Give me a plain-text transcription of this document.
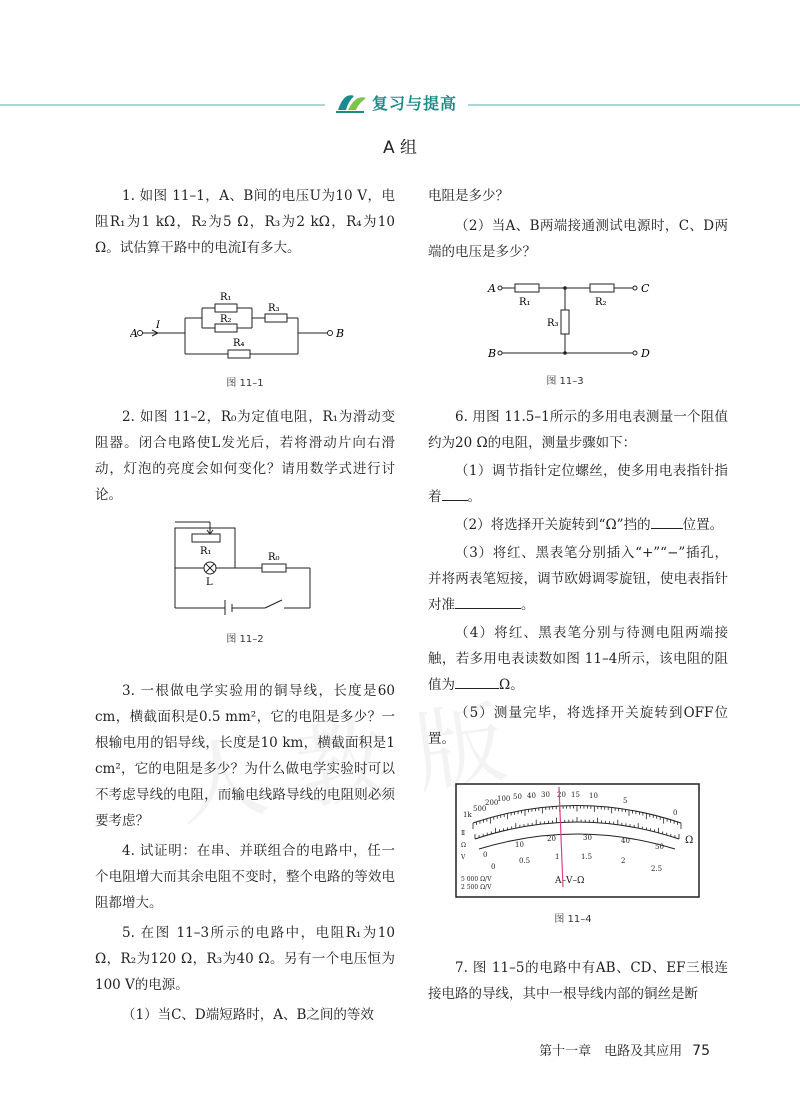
复习与提高
A 组

1. 如图 11–1，A、B间的电压U为10 V，电阻R₁为1 kΩ，R₂为5 Ω，R₃为2 kΩ，R₄为10 Ω。试估算干路中的电流I有多大。

R₁
R₂
R₃
R₄
A	B
I
图 11–1

2. 如图 11–2，R₀为定值电阻，R₁为滑动变阻器。闭合电路使L发光后，若将滑动片向右滑动，灯泡的亮度会如何变化？请用数学式进行讨论。

R₁
L
R₀
图 11–2

3. 一根做电学实验用的铜导线，长度是60 cm，横截面积是0.5 mm²，它的电阻是多少？一根输电用的铝导线，长度是10 km，横截面积是1 cm²，它的电阻是多少？为什么做电学实验时可以不考虑导线的电阻，而输电线路导线的电阻则必须要考虑？

4. 试证明：在串、并联组合的电路中，任一个电阻增大而其余电阻不变时，整个电路的等效电阻都增大。

5. 在图 11–3所示的电路中，电阻R₁为10 Ω，R₂为120 Ω，R₃为40 Ω。另有一个电压恒为100 V的电源。

（1）当C、D端短路时，A、B之间的等效

电阻是多少？

（2）当A、B两端接通测试电源时，C、D两端的电压是多少？

A
R₁	R₂
C
R₃
B	D
图 11–3

6. 用图 11.5–1所示的多用电表测量一个阻值约为20 Ω的电阻，测量步骤如下：

（1）调节指针定位螺丝，使多用电表指针指着 。

（2）将选择开关旋转到“Ω”挡的 位置。

（3）将红、黑表笔分别插入“+”“−”插孔，并将两表笔短接，调节欧姆调零旋钮，使电表指针对准	。

（4）将红、黑表笔分别与待测电阻两端接触，若多用电表读数如图 11–4所示，该电阻的阻值为	Ω。

（5）测量完毕，将选择开关旋转到OFF位置。

1k
500
200
100 50 40 30 20 15 10
5
0
0
10
20	30	40
50
0
0.5	1	1.5	2
2.5
Ω
Ⅱ
Ω
V
A–V–Ω
5 000 Ω/V
2 500 Ω/V
图 11–4

7. 图 11–5的电路中有AB、CD、EF三根连接电路的导线，其中一根导线内部的铜丝是断

第十一章　电路及其应用 75
